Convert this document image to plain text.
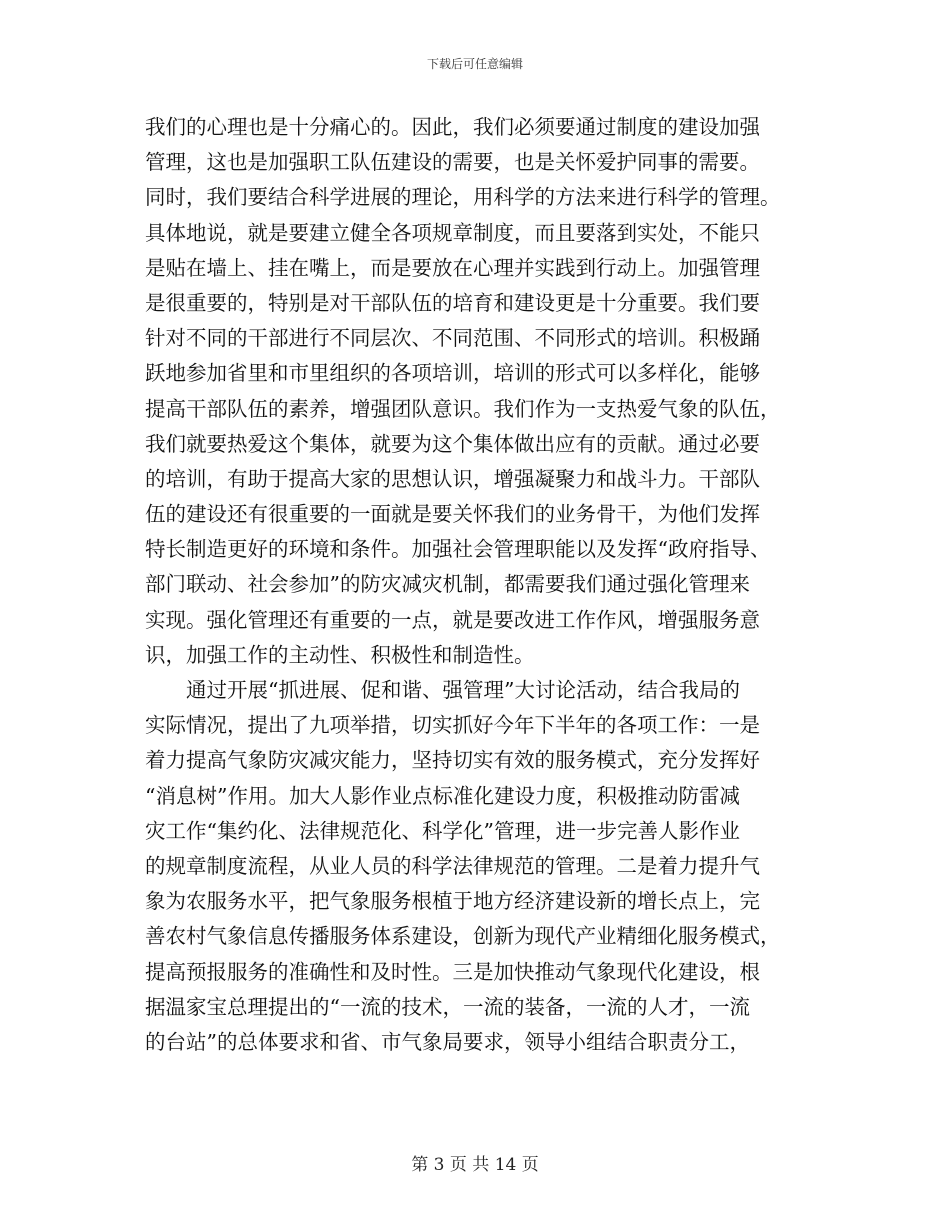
下载后可任意编辑
我们的心理也是十分痛心的。因此，我们必须要通过制度的建设加强
管理，这也是加强职工队伍建设的需要，也是关怀爱护同事的需要。
同时，我们要结合科学进展的理论，用科学的方法来进行科学的管理。
具体地说，就是要建立健全各项规章制度，而且要落到实处，不能只
是贴在墙上、挂在嘴上，而是要放在心理并实践到行动上。加强管理
是很重要的，特别是对干部队伍的培育和建设更是十分重要。我们要
针对不同的干部进行不同层次、不同范围、不同形式的培训。积极踊
跃地参加省里和市里组织的各项培训，培训的形式可以多样化，能够
提高干部队伍的素养，增强团队意识。我们作为一支热爱气象的队伍，
我们就要热爱这个集体，就要为这个集体做出应有的贡献。通过必要
的培训，有助于提高大家的思想认识，增强凝聚力和战斗力。干部队
伍的建设还有很重要的一面就是要关怀我们的业务骨干，为他们发挥
特长制造更好的环境和条件。加强社会管理职能以及发挥“政府指导、
部门联动、社会参加”的防灾减灾机制，都需要我们通过强化管理来
实现。强化管理还有重要的一点，就是要改进工作作风，增强服务意
识，加强工作的主动性、积极性和制造性。
　　通过开展“抓进展、促和谐、强管理”大讨论活动，结合我局的
实际情况，提出了九项举措，切实抓好今年下半年的各项工作：一是
着力提高气象防灾减灾能力，坚持切实有效的服务模式，充分发挥好
“消息树”作用。加大人影作业点标准化建设力度，积极推动防雷减
灾工作“集约化、法律规范化、科学化”管理，进一步完善人影作业
的规章制度流程，从业人员的科学法律规范的管理。二是着力提升气
象为农服务水平，把气象服务根植于地方经济建设新的增长点上，完
善农村气象信息传播服务体系建设，创新为现代产业精细化服务模式，
提高预报服务的准确性和及时性。三是加快推动气象现代化建设，根
据温家宝总理提出的“一流的技术，一流的装备，一流的人才，一流
的台站”的总体要求和省、市气象局要求，领导小组结合职责分工，
第 3 页 共 14 页
